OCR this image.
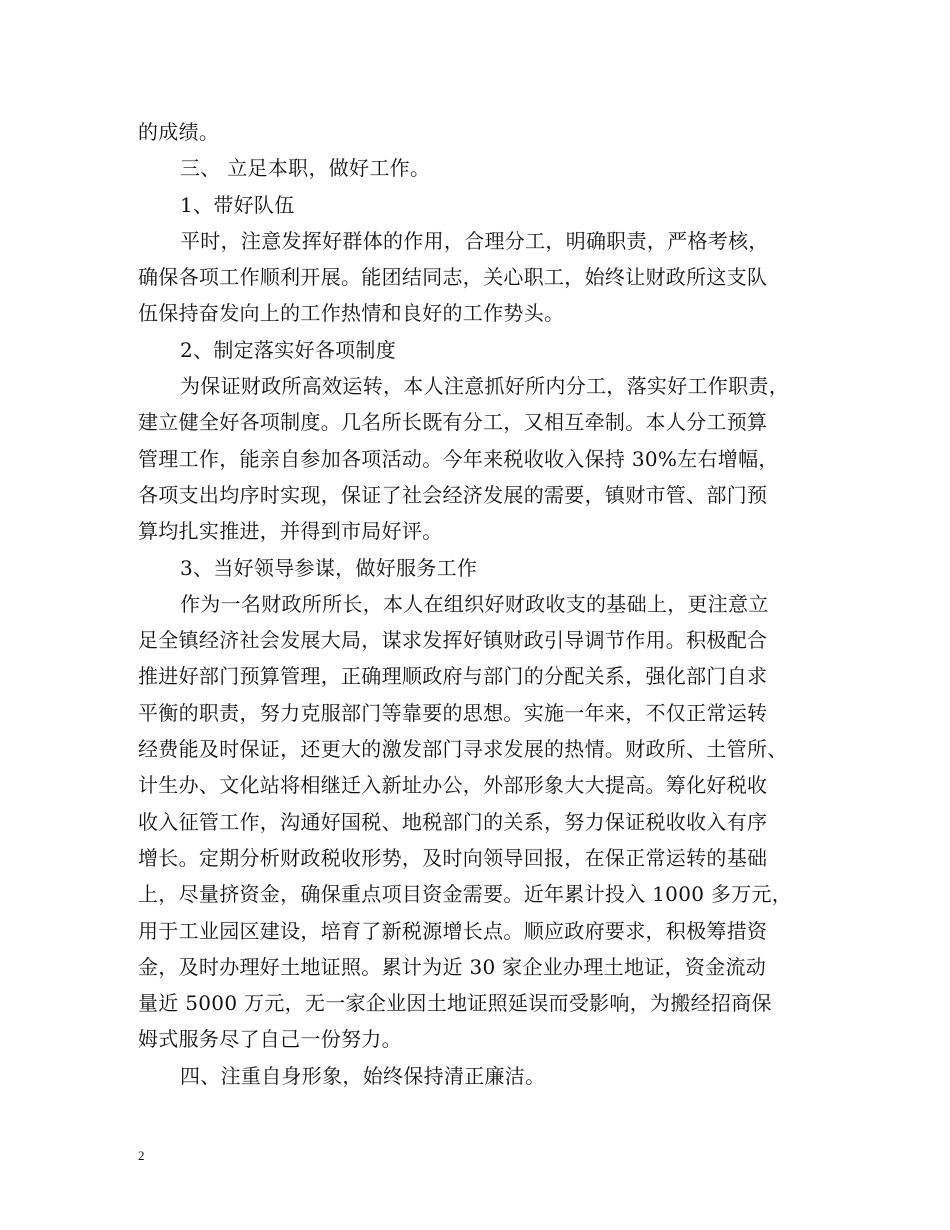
的成绩。
三、 立足本职，做好工作。
1、带好队伍
平时，注意发挥好群体的作用，合理分工，明确职责，严格考核，
确保各项工作顺利开展。能团结同志，关心职工，始终让财政所这支队
伍保持奋发向上的工作热情和良好的工作势头。
2、制定落实好各项制度
为保证财政所高效运转，本人注意抓好所内分工，落实好工作职责，
建立健全好各项制度。几名所长既有分工，又相互牵制。本人分工预算
管理工作，能亲自参加各项活动。今年来税收收入保持 30%左右增幅，
各项支出均序时实现，保证了社会经济发展的需要，镇财市管、部门预
算均扎实推进，并得到市局好评。
3、当好领导参谋，做好服务工作
作为一名财政所所长，本人在组织好财政收支的基础上，更注意立
足全镇经济社会发展大局，谋求发挥好镇财政引导调节作用。积极配合
推进好部门预算管理，正确理顺政府与部门的分配关系，强化部门自求
平衡的职责，努力克服部门等靠要的思想。实施一年来，不仅正常运转
经费能及时保证，还更大的激发部门寻求发展的热情。财政所、土管所、
计生办、文化站将相继迁入新址办公，外部形象大大提高。筹化好税收
收入征管工作，沟通好国税、地税部门的关系，努力保证税收收入有序
增长。定期分析财政税收形势，及时向领导回报，在保正常运转的基础
上，尽量挤资金，确保重点项目资金需要。近年累计投入 1000 多万元，
用于工业园区建设，培育了新税源增长点。顺应政府要求，积极筹措资
金，及时办理好土地证照。累计为近 30 家企业办理土地证，资金流动
量近 5000 万元，无一家企业因土地证照延误而受影响，为搬经招商保
姆式服务尽了自己一份努力。
四、注重自身形象，始终保持清正廉洁。
2
